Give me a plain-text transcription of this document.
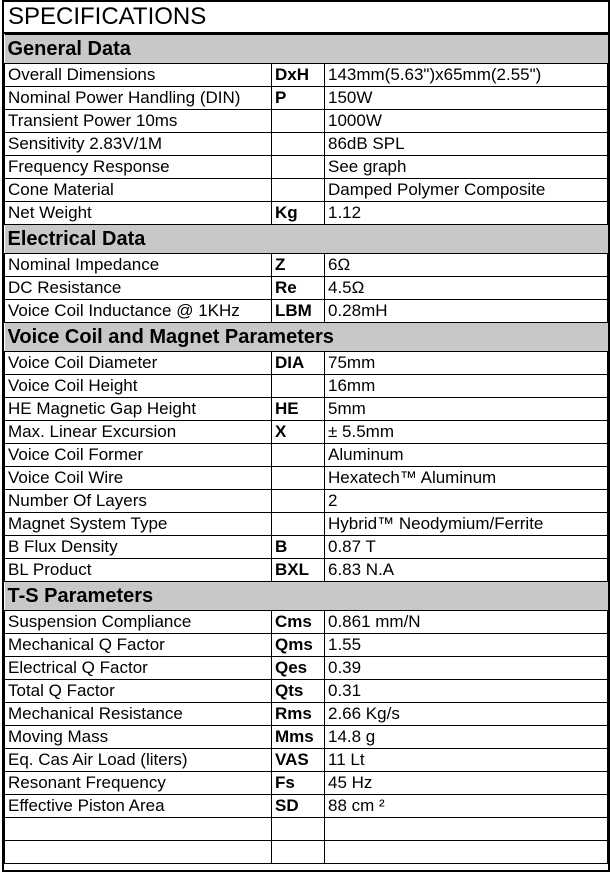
SPECIFICATIONS
General Data		
Overall Dimensions	DxH	143mm(5.63")x65mm(2.55")
Nominal Power Handling (DIN)	P	150W
Transient Power 10ms		1000W
Sensitivity 2.83V/1M		86dB SPL
Frequency Response		See graph
Cone Material		Damped Polymer Composite
Net Weight	Kg	1.12
Electrical Data		
Nominal Impedance	Z	6Ω
DC Resistance	Re	4.5Ω
Voice Coil Inductance @ 1KHz	LBM	0.28mH
Voice Coil and Magnet Parameters		
Voice Coil Diameter	DIA	75mm
Voice Coil Height		16mm
HE Magnetic Gap Height	HE	5mm
Max. Linear Excursion	X	± 5.5mm
Voice Coil Former		Aluminum
Voice Coil Wire		Hexatech™ Aluminum
Number Of Layers		2
Magnet System Type		Hybrid™ Neodymium/Ferrite
B Flux Density	B	0.87 T
BL Product	BXL	6.83 N.A
T-S Parameters		
Suspension Compliance	Cms	0.861 mm/N
Mechanical Q Factor	Qms	1.55
Electrical Q Factor	Qes	0.39
Total Q Factor	Qts	0.31
Mechanical Resistance	Rms	2.66 Kg/s
Moving Mass	Mms	14.8 g
Eq. Cas Air Load (liters)	VAS	11 Lt
Resonant Frequency	Fs	45 Hz
Effective Piston Area	SD	88 cm ²
